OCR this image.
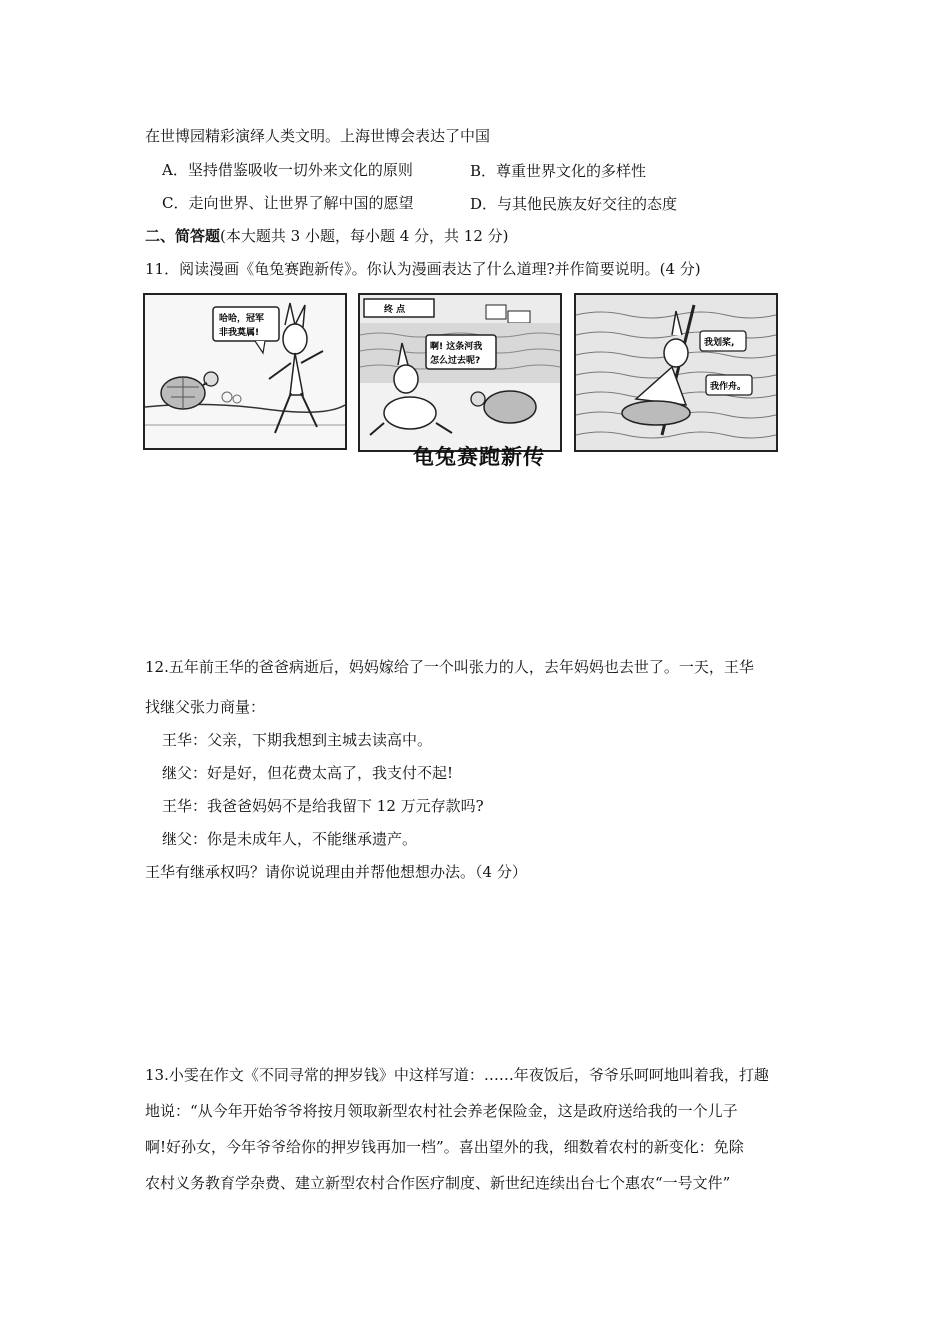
在世博园精彩演绎人类文明。上海世博会表达了中国
A．坚持借鉴吸收一切外来文化的原则	B．尊重世界文化的多样性
C．走向世界、让世界了解中国的愿望	D．与其他民族友好交往的态度
二、简答题(本大题共 3 小题，每小题 4 分，共 12 分)
11．阅读漫画《龟兔赛跑新传》。你认为漫画表达了什么道理?并作简要说明。(4 分)
哈哈，冠军
非我莫属!
终 点
啊! 这条河我
怎么过去呢?
我划桨,
我作舟。
龟兔赛跑新传
12.五年前王华的爸爸病逝后，妈妈嫁给了一个叫张力的人，去年妈妈也去世了。一天，王华
找继父张力商量：
王华：父亲，下期我想到主城去读高中。
继父：好是好，但花费太高了，我支付不起!
王华：我爸爸妈妈不是给我留下 12 万元存款吗?
继父：你是未成年人，不能继承遗产。
王华有继承权吗？请你说说理由并帮他想想办法。（4 分）
13.小雯在作文《不同寻常的押岁钱》中这样写道：……年夜饭后，爷爷乐呵呵地叫着我，打趣
地说：“从今年开始爷爷将按月领取新型农村社会养老保险金，这是政府送给我的一个儿子
啊!好孙女，今年爷爷给你的押岁钱再加一档”。喜出望外的我，细数着农村的新变化：免除
农村义务教育学杂费、建立新型农村合作医疗制度、新世纪连续出台七个惠农“一号文件”
